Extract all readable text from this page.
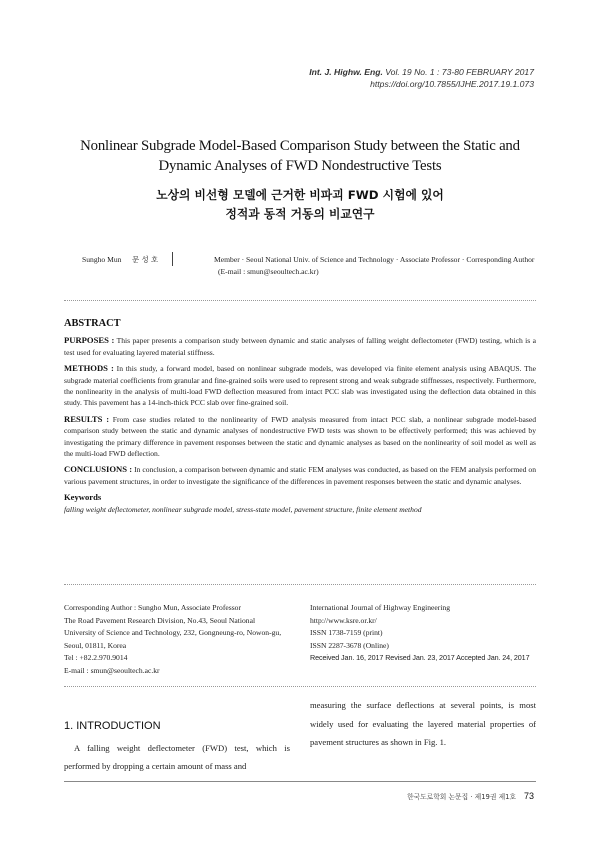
Int. J. Highw. Eng. Vol. 19 No. 1 : 73-80 FEBRUARY 2017
https://doi.org/10.7855/IJHE.2017.19.1.073
Nonlinear Subgrade Model-Based Comparison Study between the Static and
Dynamic Analyses of FWD Nondestructive Tests
노상의 비선형 모델에 근거한 비파괴 FWD 시험에 있어
정적과 동적 거동의 비교연구
Sungho Mun 문 성 호	Member · Seoul National Univ. of Science and Technology · Associate Professor · Corresponding Author
(E-mail : smun@seoultech.ac.kr)
ABSTRACT

PURPOSES : This paper presents a comparison study between dynamic and static analyses of falling weight deflectometer (FWD) testing, which is a test used for evaluating layered material stiffness.

METHODS : In this study, a forward model, based on nonlinear subgrade models, was developed via finite element analysis using ABAQUS. The subgrade material coefficients from granular and fine-grained soils were used to represent strong and weak subgrade stiffnesses, respectively. Furthermore, the nonlinearity in the analysis of multi-load FWD deflection measured from intact PCC slab was investigated using the deflection data obtained in this study. This pavement has a 14-inch-thick PCC slab over fine-grained soil.

RESULTS : From case studies related to the nonlinearity of FWD analysis measured from intact PCC slab, a nonlinear subgrade model-based comparison study between the static and dynamic analyses of nondestructive FWD tests was shown to be effectively performed; this was achieved by investigating the primary difference in pavement responses between the static and dynamic analyses as based on the nonlinearity of soil model as well as the multi-load FWD deflection.

CONCLUSIONS : In conclusion, a comparison between dynamic and static FEM analyses was conducted, as based on the FEM analysis performed on various pavement structures, in order to investigate the significance of the differences in pavement responses between the static and dynamic analyses.

Keywords
falling weight deflectometer, nonlinear subgrade model, stress-state model, pavement structure, finite element method
Corresponding Author : Sungho Mun, Associate Professor
The Road Pavement Research Division, No.43, Seoul National
University of Science and Technology, 232, Gongneung-ro, Nowon-gu,
Seoul, 01811, Korea
Tel : +82.2.970.9014
E-mail : smun@seoultech.ac.kr
International Journal of Highway Engineering
http://www.ksre.or.kr/
ISSN 1738-7159 (print)
ISSN 2287-3678 (Online)
Received Jan. 16, 2017 Revised Jan. 23, 2017 Accepted Jan. 24, 2017
1. INTRODUCTION
A falling weight deflectometer (FWD) test, which is performed by dropping a certain amount of mass and
measuring the surface deflections at several points, is most widely used for evaluating the layered material properties of pavement structures as shown in Fig. 1.
한국도로학회 논문집 · 제19권 제1호 73
